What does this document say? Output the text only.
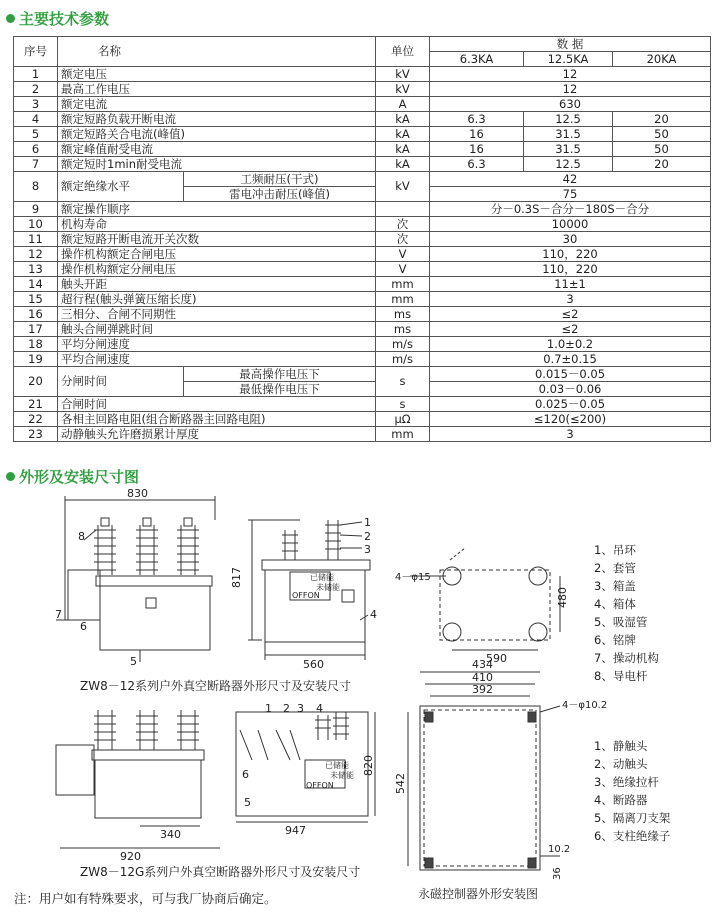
主要技术参数
序号	名称		单位	数 据		
				6.3KA	12.5KA	20KA
1	额定电压		kV	12		
2	最高工作电压		kV	12		
3	额定电流		A	630		
4	额定短路负载开断电流		kA	6.3	12.5	20
5	额定短路关合电流(峰值)		kA	16	31.5	50
6	额定峰值耐受电流		kA	16	31.5	50
7	额定短时1min耐受电流		kA	6.3	12.5	20
8	额定绝缘水平	工频耐压(干式)	kV	42		
		雷电冲击耐压(峰值)		75		
9	额定操作顺序			分－0.3S－合分－180S－合分		
10	机构寿命		次	10000		
11	额定短路开断电流开关次数		次	30		
12	操作机构额定合闸电压		V	110，220		
13	操作机构额定分闸电压		V	110，220		
14	触头开距		mm	11±1		
15	超行程(触头弹簧压缩长度)		mm	3		
16	三相分、合闸不同期性		ms	≤2		
17	触头合闸弹跳时间		ms	≤2		
18	平均分闸速度		m/s	1.0±0.2		
19	平均合闸速度		m/s	0.7±0.15		
20	分闸时间	最高操作电压下	s	0.015－0.05		
		最低操作电压下		0.03－0.06		
21	合闸时间		s	0.025－0.05		
22	各相主回路电阻(组合断路器主回路电阻)		μΩ	≤120(≤200)		
23	动静触头允许磨损累计厚度		mm	3		
外形及安装尺寸图
830
8
7
6
5
817	已储能
未储能
OFFON
560
1
2
3
4
ZW8－12系列户外真空断路器外形尺寸及安装尺寸
4－φ15
480
590
1、吊环
2、套管
3、箱盖
4、箱体
5、吸湿管
6、铭牌
7、操动机构
8、导电杆
340
920
已储能
未储能
OFFON
820
947
1 2 3 4
6
5
ZW8－12G系列户外真空断路器外形尺寸及安装尺寸
434
410
392
4－φ10.2
542
10.2
36
永磁控制器外形安装图
1、静触头
2、动触头
3、绝缘拉杆
4、断路器
5、隔离刀支架
6、支柱绝缘子
注：用户如有特殊要求，可与我厂协商后确定。
